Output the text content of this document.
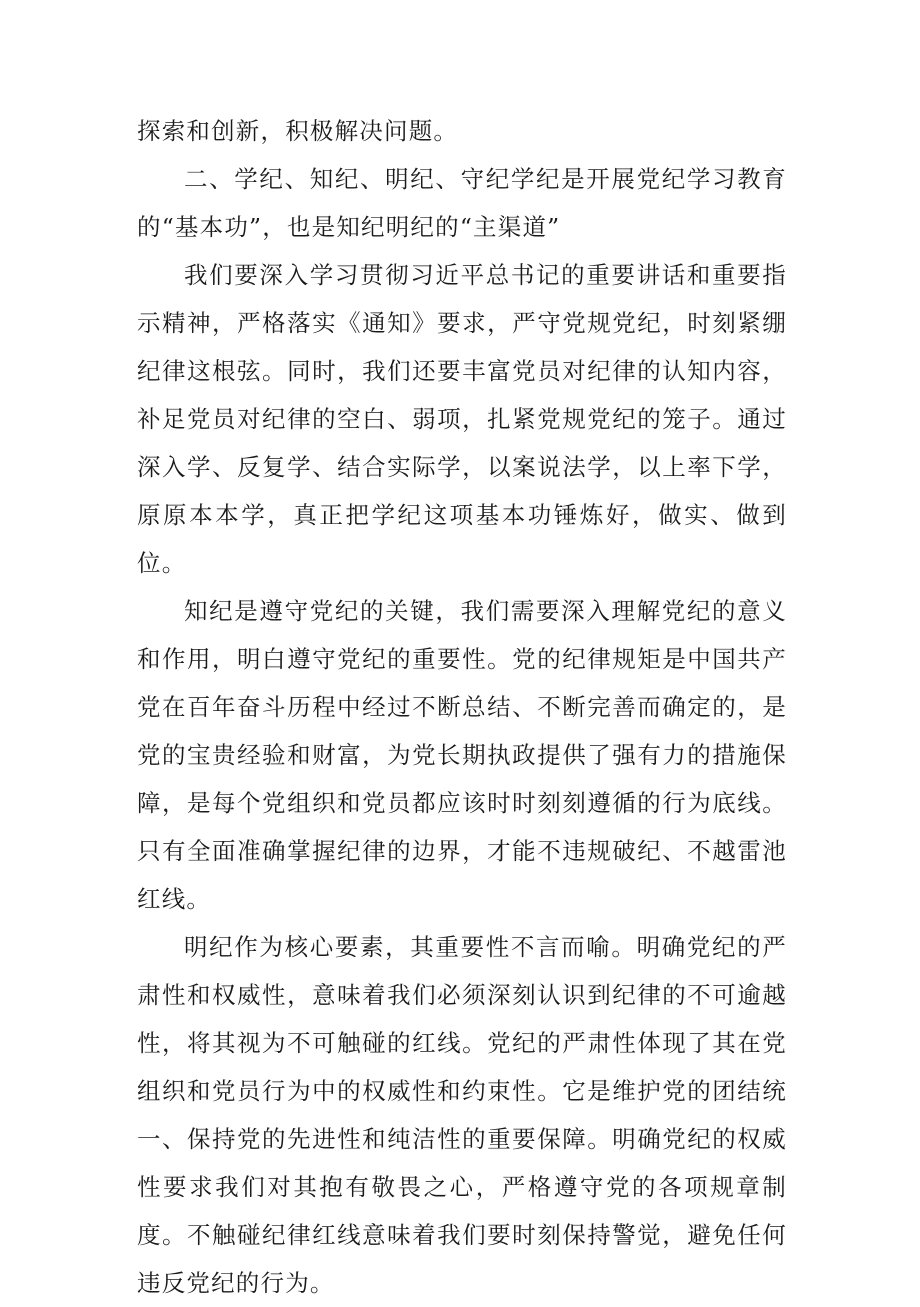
探索和创新，积极解决问题。

二、学纪、知纪、明纪、守纪学纪是开展党纪学习教育的“基本功”，也是知纪明纪的“主渠道”

我们要深入学习贯彻习近平总书记的重要讲话和重要指示精神，严格落实《通知》要求，严守党规党纪，时刻紧绷纪律这根弦。同时，我们还要丰富党员对纪律的认知内容，补足党员对纪律的空白、弱项，扎紧党规党纪的笼子。通过深入学、反复学、结合实际学，以案说法学，以上率下学，原原本本学，真正把学纪这项基本功锤炼好，做实、做到位。

知纪是遵守党纪的关键，我们需要深入理解党纪的意义和作用，明白遵守党纪的重要性。党的纪律规矩是中国共产党在百年奋斗历程中经过不断总结、不断完善而确定的，是党的宝贵经验和财富，为党长期执政提供了强有力的措施保障，是每个党组织和党员都应该时时刻刻遵循的行为底线。只有全面准确掌握纪律的边界，才能不违规破纪、不越雷池红线。

明纪作为核心要素，其重要性不言而喻。明确党纪的严肃性和权威性，意味着我们必须深刻认识到纪律的不可逾越性，将其视为不可触碰的红线。党纪的严肃性体现了其在党组织和党员行为中的权威性和约束性。它是维护党的团结统一、保持党的先进性和纯洁性的重要保障。明确党纪的权威性要求我们对其抱有敬畏之心，严格遵守党的各项规章制度。不触碰纪律红线意味着我们要时刻保持警觉，避免任何违反党纪的行为。
